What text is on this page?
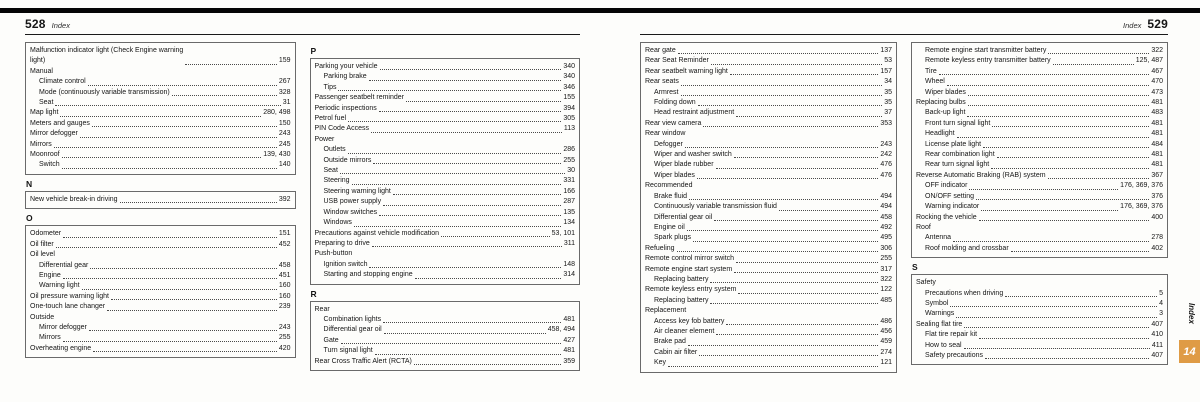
528 Index
Malfunction indicator light (Check Engine warning
light)	159
Manual
Climate control	267
Mode (continuously variable transmission)	328
Seat	31
Map light	280, 498
Meters and gauges	150
Mirror defogger	243
Mirrors	245
Moonroof	139, 430
Switch	140
N
New vehicle break-in driving	392
O
Odometer	151
Oil filter	452
Oil level
Differential gear	458
Engine	451
Warning light	160
Oil pressure warning light	160
One-touch lane changer	239
Outside
Mirror defogger	243
Mirrors	255
Overheating engine	420
P
Parking your vehicle	340
Parking brake	340
Tips	346
Passenger seatbelt reminder	155
Periodic inspections	394
Petrol fuel	305
PIN Code Access	113
Power
Outlets	286
Outside mirrors	255
Seat	30
Steering	331
Steering warning light	166
USB power supply	287
Window switches	135
Windows	134
Precautions against vehicle modification	53, 101
Preparing to drive	311
Push-button
Ignition switch	148
Starting and stopping engine	314
R
Rear
Combination lights	481
Differential gear oil	458, 494
Gate	427
Turn signal light	481
Rear Cross Traffic Alert (RCTA)	359
Index 529
Rear gate	137
Rear Seat Reminder	53
Rear seatbelt warning light	157
Rear seats	34
Armrest	35
Folding down	35
Head restraint adjustment	37
Rear view camera	353
Rear window
Defogger	243
Wiper and washer switch	242
Wiper blade rubber	476
Wiper blades	476
Recommended
Brake fluid	494
Continuously variable transmission fluid	494
Differential gear oil	458
Engine oil	492
Spark plugs	495
Refueling	306
Remote control mirror switch	255
Remote engine start system	317
Replacing battery	322
Remote keyless entry system	122
Replacing battery	485
Replacement
Access key fob battery	486
Air cleaner element	456
Brake pad	459
Cabin air filter	274
Key	121
Remote engine start transmitter battery	322
Remote keyless entry transmitter battery	125, 487
Tire	467
Wheel	470
Wiper blades	473
Replacing bulbs	481
Back-up light	483
Front turn signal light	481
Headlight	481
License plate light	484
Rear combination light	481
Rear turn signal light	481
Reverse Automatic Braking (RAB) system	367
OFF indicator	176, 369, 376
ON/OFF setting	376
Warning indicator	176, 369, 376
Rocking the vehicle	400
Roof
Antenna	278
Roof molding and crossbar	402
S
Safety
Precautions when driving	5
Symbol	4
Warnings	3
Sealing flat tire	407
Flat tire repair kit	410
How to seal	411
Safety precautions	407
Index
14
